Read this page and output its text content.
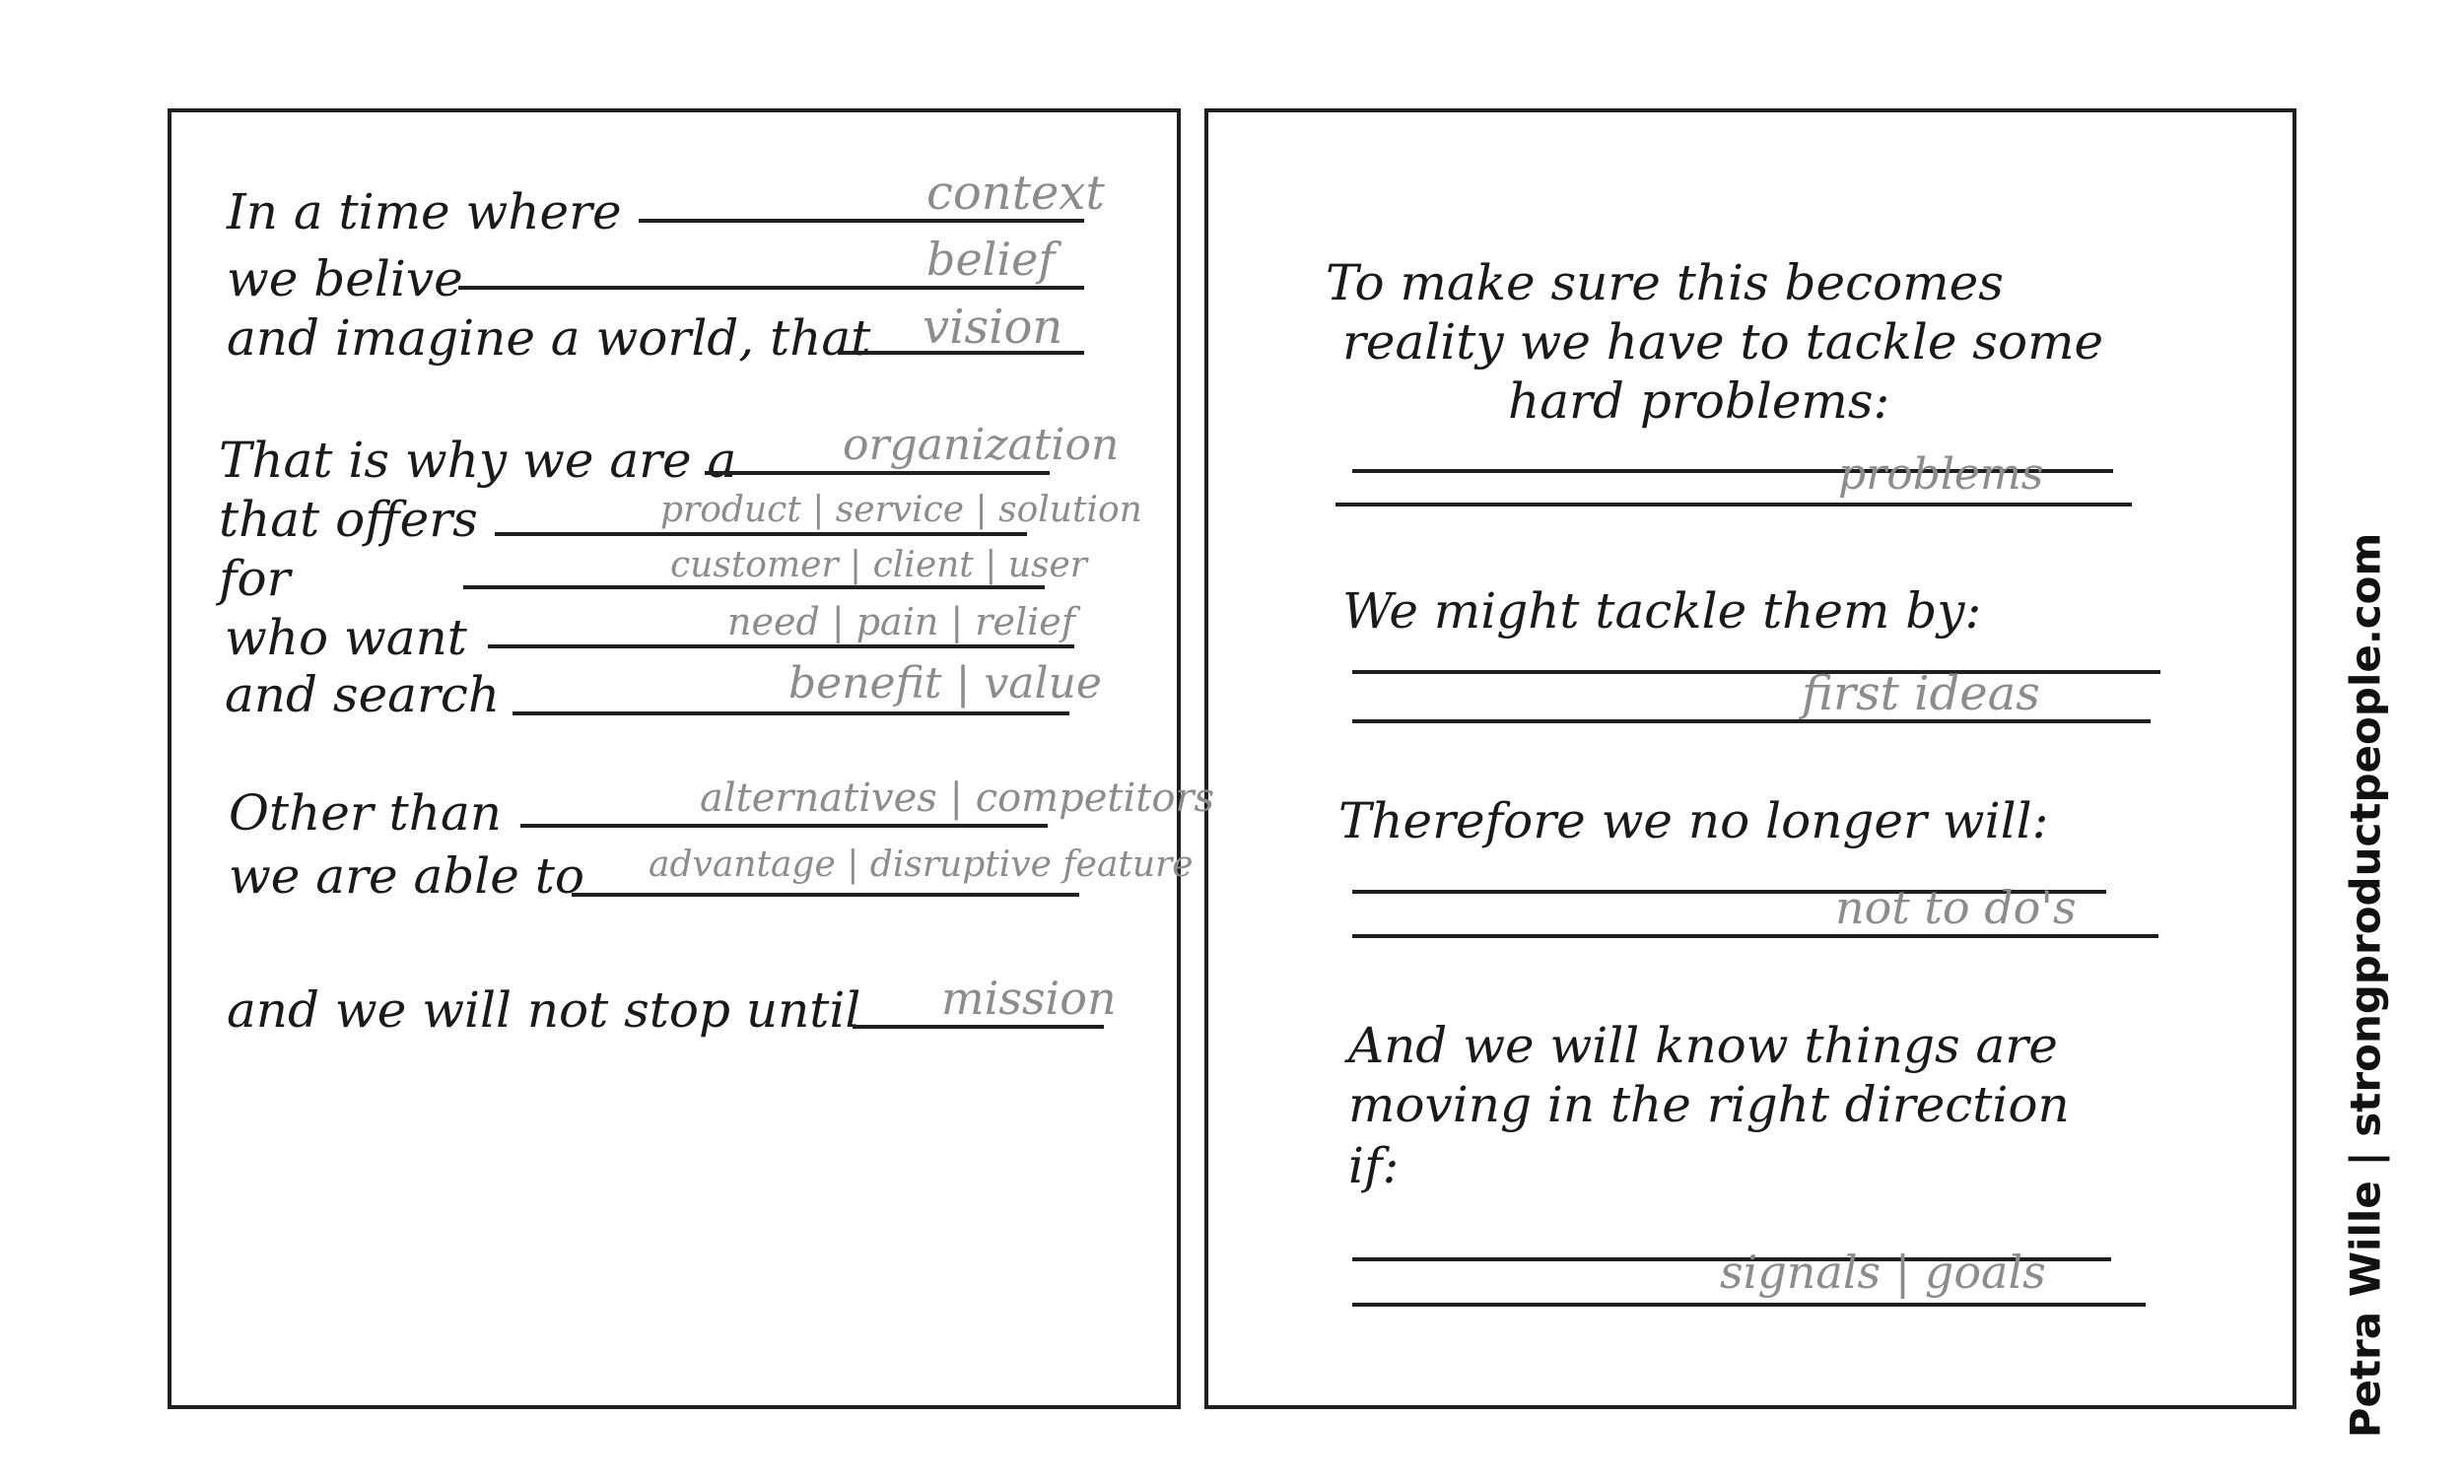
In a time where	context
we belive	belief
and imagine a world, that vision
That is why we are a organization
that offers	product | service | solution
for	customer | client | user
who want	need | pain | relief
and search	benefit | value
Other than	alternatives | competitors
we are able to advantage | disruptive feature
and we will not stop until mission
To make sure this becomes
reality we have to tackle some
hard problems:
problems
We might tackle them by:
first ideas
Therefore we no longer will:
not to do's
And we will know things are
moving in the right direction
if:
signals | goals	Petra Wille | strongproductpeople.com
